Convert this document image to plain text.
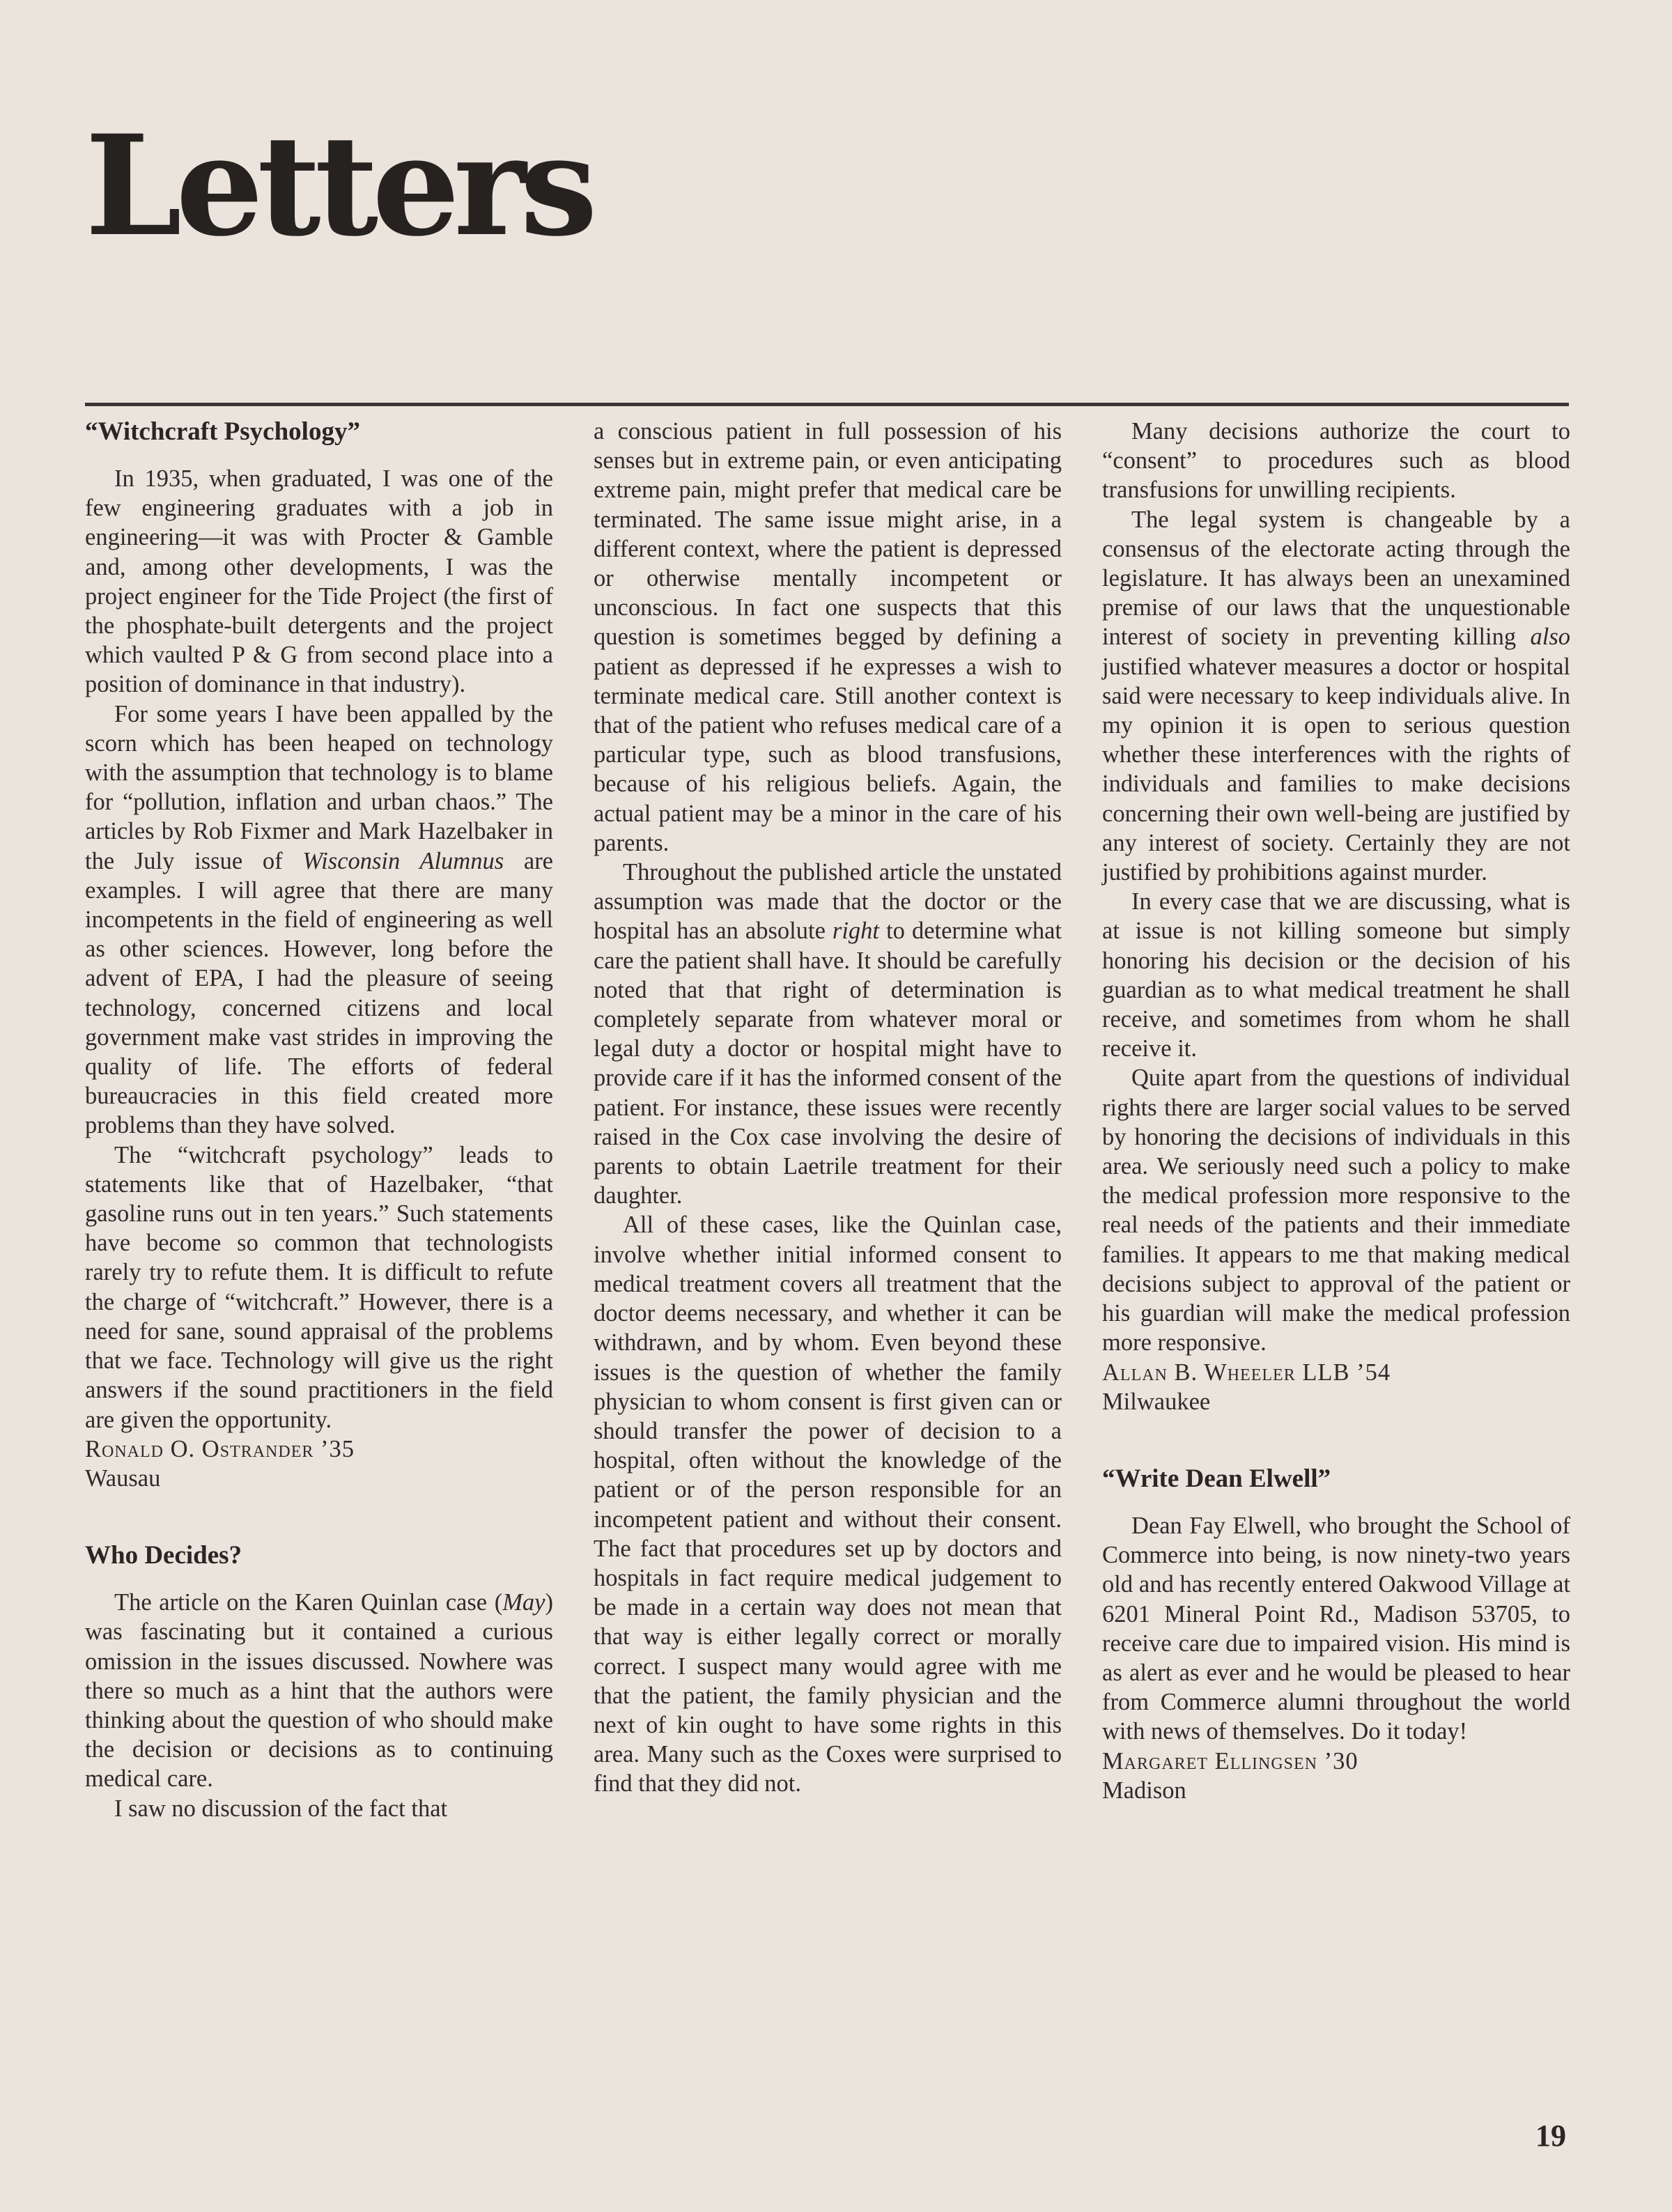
Letters
“Witchcraft Psychology”

In 1935, when graduated, I was one of the few engineering graduates with a job in engineering—it was with Procter & Gamble and, among other developments, I was the project engineer for the Tide Project (the first of the phosphate-built detergents and the project which vaulted P & G from second place into a position of dominance in that industry).

For some years I have been appalled by the scorn which has been heaped on technology with the assumption that technology is to blame for “pollution, inflation and urban chaos.” The articles by Rob Fixmer and Mark Hazelbaker in the July issue of Wisconsin Alumnus are examples. I will agree that there are many incompetents in the field of engineering as well as other sciences. However, long before the advent of EPA, I had the pleasure of seeing technology, concerned citizens and local government make vast strides in improving the quality of life. The efforts of federal bureaucracies in this field created more problems than they have solved.

The “witchcraft psychology” leads to statements like that of Hazelbaker, “that gasoline runs out in ten years.” Such statements have become so common that technologists rarely try to refute them. It is difficult to refute the charge of “witchcraft.” However, there is a need for sane, sound appraisal of the problems that we face. Technology will give us the right answers if the sound practitioners in the field are given the opportunity.

Ronald O. Ostrander ’35

Wausau

Who Decides?

The article on the Karen Quinlan case (May) was fascinating but it contained a curious omission in the issues discussed. Nowhere was there so much as a hint that the authors were thinking about the question of who should make the decision or decisions as to continuing medical care.

I saw no discussion of the fact that

a conscious patient in full possession of his senses but in extreme pain, or even anticipating extreme pain, might prefer that medical care be terminated. The same issue might arise, in a different context, where the patient is depressed or otherwise mentally incompetent or unconscious. In fact one suspects that this question is sometimes begged by defining a patient as depressed if he expresses a wish to terminate medical care. Still another context is that of the patient who refuses medical care of a particular type, such as blood transfusions, because of his religious beliefs. Again, the actual patient may be a minor in the care of his parents.

Throughout the published article the unstated assumption was made that the doctor or the hospital has an absolute right to determine what care the patient shall have. It should be carefully noted that that right of determination is completely separate from whatever moral or legal duty a doctor or hospital might have to provide care if it has the informed consent of the patient. For instance, these issues were recently raised in the Cox case involving the desire of parents to obtain Laetrile treatment for their daughter.

All of these cases, like the Quinlan case, involve whether initial informed consent to medical treatment covers all treatment that the doctor deems necessary, and whether it can be withdrawn, and by whom. Even beyond these issues is the question of whether the family physician to whom consent is first given can or should transfer the power of decision to a hospital, often without the knowledge of the patient or of the person responsible for an incompetent patient and without their consent. The fact that procedures set up by doctors and hospitals in fact require medical judgement to be made in a certain way does not mean that that way is either legally correct or morally correct. I suspect many would agree with me that the patient, the family physician and the next of kin ought to have some rights in this area. Many such as the Coxes were surprised to find that they did not.

Many decisions authorize the court to “consent” to procedures such as blood transfusions for unwilling recipients.

The legal system is changeable by a consensus of the electorate acting through the legislature. It has always been an unexamined premise of our laws that the unquestionable interest of society in preventing killing also justified whatever measures a doctor or hospital said were necessary to keep individuals alive. In my opinion it is open to serious question whether these interferences with the rights of individuals and families to make decisions concerning their own well-being are justified by any interest of society. Certainly they are not justified by prohibitions against murder.

In every case that we are discussing, what is at issue is not killing someone but simply honoring his decision or the decision of his guardian as to what medical treatment he shall receive, and sometimes from whom he shall receive it.

Quite apart from the questions of individual rights there are larger social values to be served by honoring the decisions of individuals in this area. We seriously need such a policy to make the medical profession more responsive to the real needs of the patients and their immediate families. It appears to me that making medical decisions subject to approval of the patient or his guardian will make the medical profession more responsive.

Allan B. Wheeler LLB ’54

Milwaukee

“Write Dean Elwell”

Dean Fay Elwell, who brought the School of Commerce into being, is now ninety-two years old and has recently entered Oakwood Village at 6201 Mineral Point Rd., Madison 53705, to receive care due to impaired vision. His mind is as alert as ever and he would be pleased to hear from Commerce alumni throughout the world with news of themselves. Do it today!

Margaret Ellingsen ’30

Madison

19
